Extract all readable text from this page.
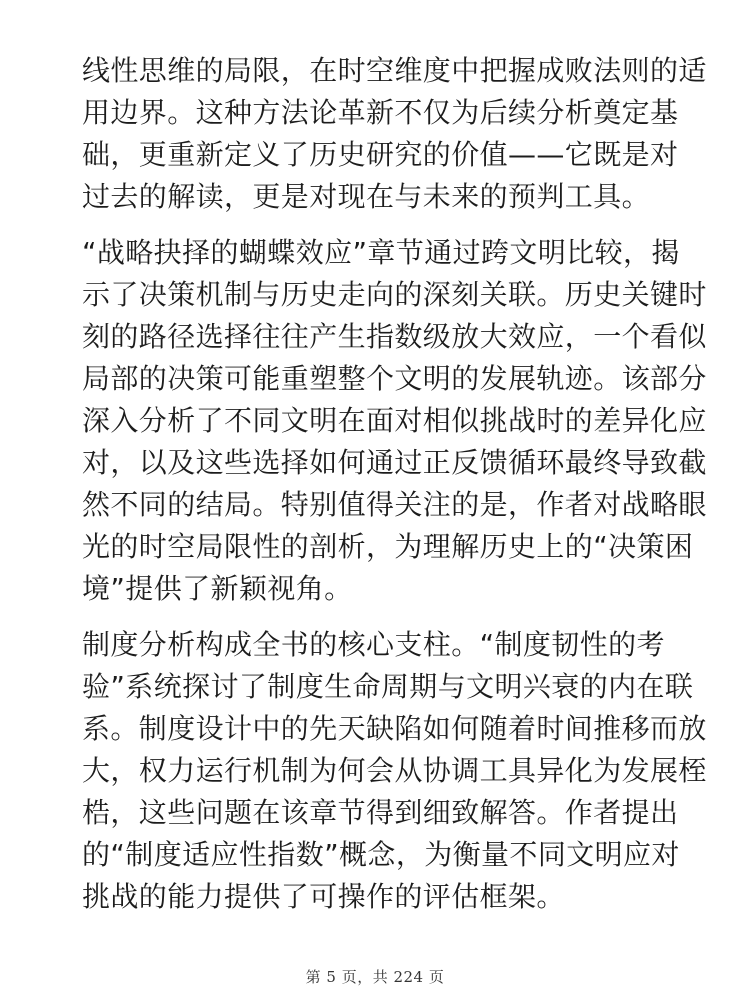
线性思维的局限，在时空维度中把握成败法则的适
用边界。这种方法论革新不仅为后续分析奠定基
础，更重新定义了历史研究的价值——它既是对
过去的解读，更是对现在与未来的预判工具。

“战略抉择的蝴蝶效应”章节通过跨文明比较，揭
示了决策机制与历史走向的深刻关联。历史关键时
刻的路径选择往往产生指数级放大效应，一个看似
局部的决策可能重塑整个文明的发展轨迹。该部分
深入分析了不同文明在面对相似挑战时的差异化应
对，以及这些选择如何通过正反馈循环最终导致截
然不同的结局。特别值得关注的是，作者对战略眼
光的时空局限性的剖析，为理解历史上的“决策困
境”提供了新颖视角。

制度分析构成全书的核心支柱。“制度韧性的考
验”系统探讨了制度生命周期与文明兴衰的内在联
系。制度设计中的先天缺陷如何随着时间推移而放
大，权力运行机制为何会从协调工具异化为发展桎
梏，这些问题在该章节得到细致解答。作者提出
的“制度适应性指数”概念，为衡量不同文明应对
挑战的能力提供了可操作的评估框架。

第 5 页，共 224 页
